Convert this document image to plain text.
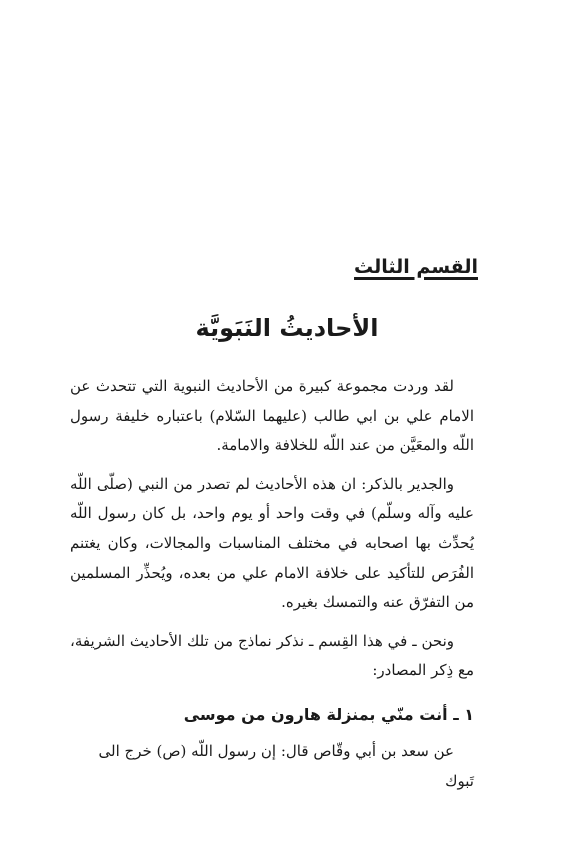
القسم الثالث
الأحاديثُ النَبَويَّة

لقد وردت مجموعة كبيرة من الأحاديث النبوية التي تتحدث عن الامام علي بن ابي طالب (عليهما السّلام) باعتباره خليفة رسول اللّه والمعَيَّن من عند اللّه للخلافة والامامة.

والجدير بالذكر: ان هذه الأحاديث لم تصدر من النبي (صلّى اللّه عليه وآله وسلّم) في وقت واحد أو يوم واحد، بل كان رسول اللّه يُحدِّث بها اصحابه في مختلف المناسبات والمجالات، وكان يغتنم الفُرَص للتأكيد على خلافة الامام علي من بعده، ويُحذِّر المسلمين من التفرّق عنه والتمسك بغيره.

ونحن ـ في هذا القِسم ـ نذكر نماذج من تلك الأحاديث الشريفة، مع ذِكر المصادر:

١ ـ أنت منّي بمنزلة هارون من موسى

عن سعد بن أبي وقّاص قال: إن رسول اللّه (ص) خرج الى تَبوك
